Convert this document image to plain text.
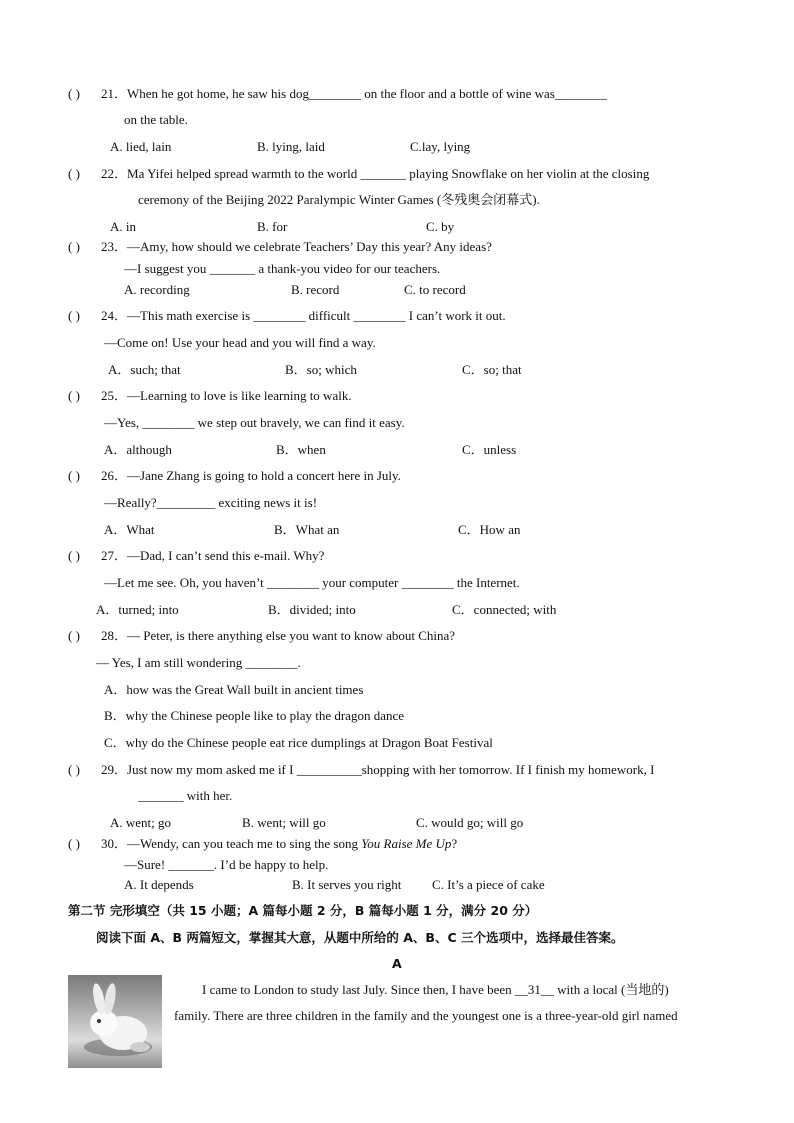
( ) 21．When he got home, he saw his dog________ on the floor and a bottle of wine was________
on the table.
A. lied, lain	B. lying, laid	C.lay, lying
( ) 22．Ma Yifei helped spread warmth to the world _______ playing Snowflake on her violin at the closing
ceremony of the Beijing 2022 Paralympic Winter Games (冬残奥会闭幕式).
A. in	B. for	C. by
( ) 23．—Amy, how should we celebrate Teachers’ Day this year? Any ideas?
—I suggest you _______ a thank-you video for our teachers.
A. recording	B. record	C. to record
( ) 24．—This math exercise is ________ difficult ________ I can’t work it out.
—Come on! Use your head and you will find a way.
A．such; that	B．so; which	C．so; that
( ) 25．—Learning to love is like learning to walk.
—Yes, ________ we step out bravely, we can find it easy.
A．although	B．when	C．unless
( ) 26．—Jane Zhang is going to hold a concert here in July.
—Really?_________ exciting news it is!
A．What	B．What an	C．How an
( ) 27．—Dad, I can’t send this e-mail. Why?
—Let me see. Oh, you haven’t ________ your computer ________ the Internet.
A．turned; into	B．divided; into	C．connected; with
( ) 28．— Peter, is there anything else you want to know about China?
— Yes, I am still wondering ________.
A．how was the Great Wall built in ancient times
B．why the Chinese people like to play the dragon dance
C．why do the Chinese people eat rice dumplings at Dragon Boat Festival
( ) 29．Just now my mom asked me if I __________shopping with her tomorrow. If I finish my homework, I
_______ with her.
A. went; go	B. went; will go	C. would go; will go
( ) 30．—Wendy, can you teach me to sing the song You Raise Me Up?
—Sure! _______. I’d be happy to help.
A. It depends	B. It serves you right C. It’s a piece of cake
第二节 完形填空（共 15 小题；A 篇每小题 2 分，B 篇每小题 1 分，满分 20 分）
阅读下面 A、B 两篇短文，掌握其大意，从题中所给的 A、B、C 三个选项中，选择最佳答案。
A
I came to London to study last July. Since then, I have been __31__ with a local (当地的)
family. There are three children in the family and the youngest one is a three-year-old girl named
